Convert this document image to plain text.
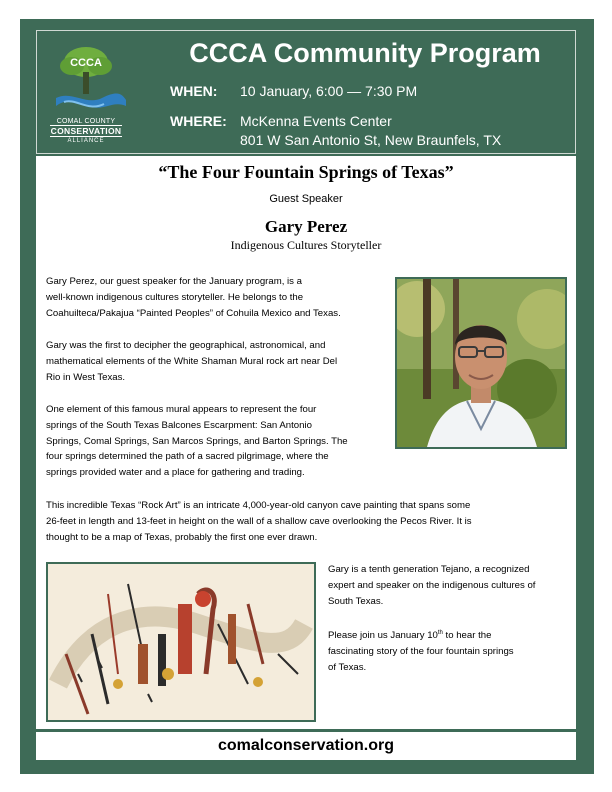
CCCA
COMAL COUNTY
CONSERVATION
ALLIANCE
CCCA Community Program
WHEN: 10 January, 6:00 — 7:30 PM
WHERE: McKenna Events Center
801 W San Antonio St, New Braunfels, TX
“The Four Fountain Springs of Texas”
Guest Speaker
Gary Perez
Indigenous Cultures Storyteller

Gary Perez, our guest speaker for the January program, is a
well-known indigenous cultures storyteller. He belongs to the
Coahuilteca/Pakajua “Painted Peoples” of Cohuila Mexico and Texas.

Gary was the first to decipher the geographical, astronomical, and
mathematical elements of the White Shaman Mural rock art near Del
Rio in West Texas.

One element of this famous mural appears to represent the four
springs of the South Texas Balcones Escarpment: San Antonio
Springs, Comal Springs, San Marcos Springs, and Barton Springs. The
four springs determined the path of a sacred pilgrimage, where the
springs provided water and a place for gathering and trading.

This incredible Texas “Rock Art” is an intricate 4,000-year-old canyon cave painting that spans some
26-feet in length and 13-feet in height on the wall of a shallow cave overlooking the Pecos River. It is
thought to be a map of Texas, probably the first one ever drawn.

Gary is a tenth generation Tejano, a recognized
expert and speaker on the indigenous cultures of
South Texas.

Please join us January 10th to hear the
fascinating story of the four fountain springs
of Texas.

comalconservation.org
